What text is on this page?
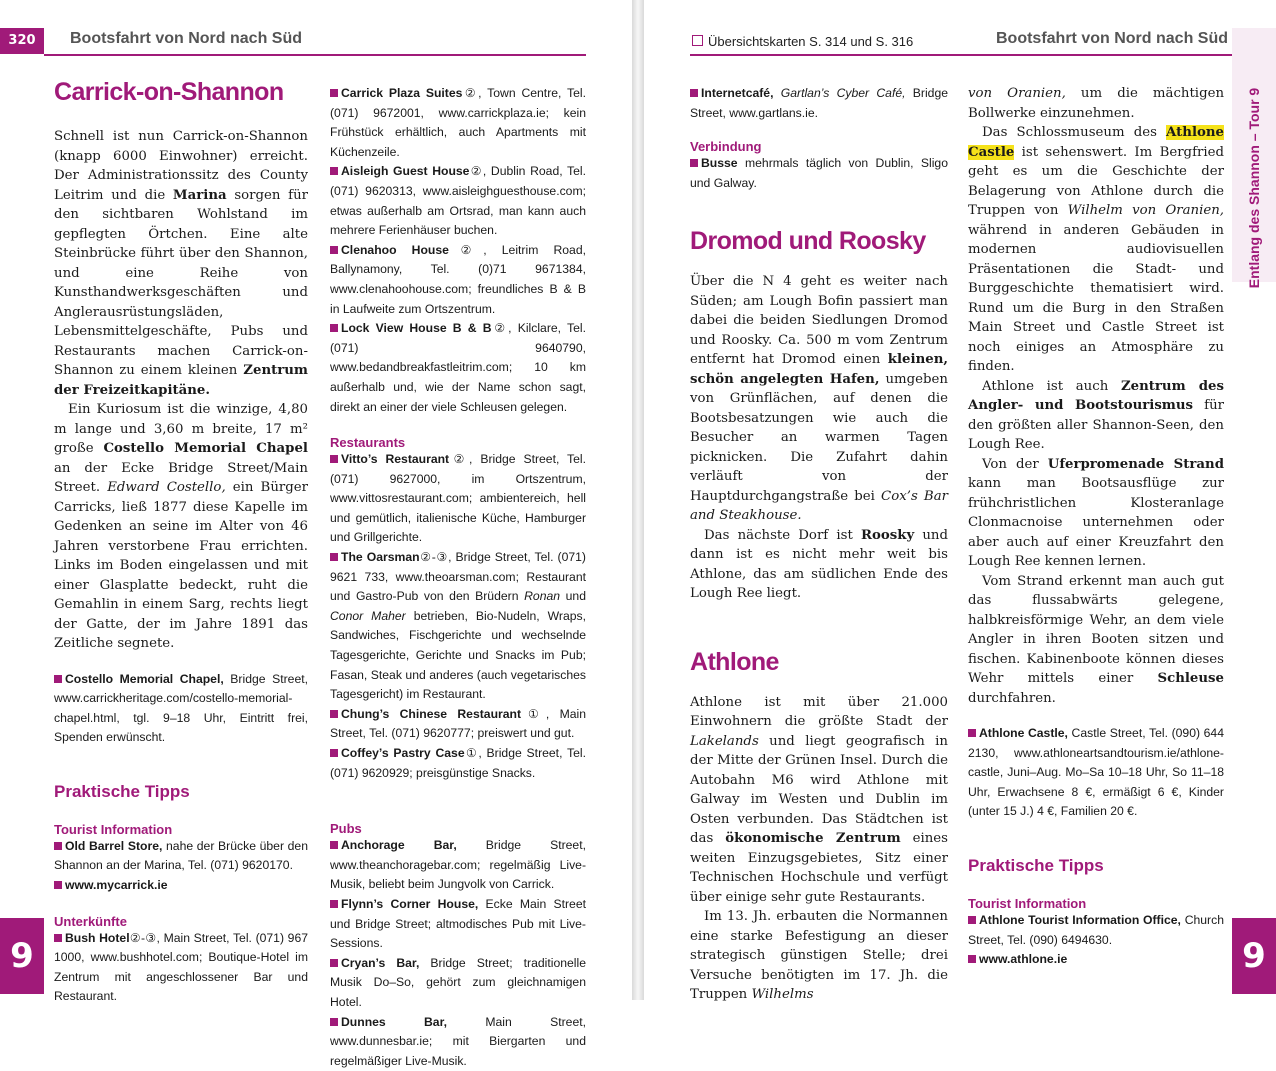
320	Bootsfahrt von Nord nach Süd
9
Carrick-on-Shannon

Schnell ist nun Carrick-on-Shannon (knapp 6000 Einwohner) erreicht. Der Administrationssitz des County Leitrim und die Marina sorgen für den sichtbaren Wohlstand im gepflegten Örtchen. Eine alte Steinbrücke führt über den Shannon, und eine Reihe von Kunsthandwerksgeschäften und Anglerausrüstungsläden, Lebensmittelgeschäfte, Pubs und Restaurants machen Carrick-on-Shannon zu einem kleinen Zentrum der Freizeitkapitäne.

Ein Kuriosum ist die winzige, 4,80 m lange und 3,60 m breite, 17 m² große Costello Memorial Chapel an der Ecke Bridge Street/Main Street. Edward Costello, ein Bürger Carricks, ließ 1877 diese Kapelle im Gedenken an seine im Alter von 46 Jahren verstorbene Frau errichten. Links im Boden eingelassen und mit einer Glasplatte bedeckt, ruht die Gemahlin in einem Sarg, rechts liegt der Gatte, der im Jahre 1891 das Zeitliche segnete.

Costello Memorial Chapel, Bridge Street, www.carrickheritage.com/costello-memorial-chapel.html, tgl. 9–18 Uhr, Eintritt frei, Spenden erwünscht.
Praktische Tipps
Tourist Information
Old Barrel Store, nahe der Brücke über den Shannon an der Marina, Tel. (071) 9620170.
www.mycarrick.ie
Unterkünfte
Bush Hotel②-③, Main Street, Tel. (071) 967 1000, www.bushhotel.com; Boutique-Hotel im Zentrum mit angeschlossener Bar und Restaurant.
Carrick Plaza Suites②, Town Centre, Tel. (071) 9672001, www.carrickplaza.ie; kein Frühstück erhältlich, auch Apartments mit Küchenzeile.
Aisleigh Guest House②, Dublin Road, Tel. (071) 9620313, www.aisleighguesthouse.com; etwas außerhalb am Ortsrad, man kann auch mehrere Ferienhäuser buchen.
Clenahoo House②, Leitrim Road, Ballynamony, Tel. (0)71 9671384, www.clenahoohouse.com; freundliches B & B in Laufweite zum Ortszentrum.
Lock View House B & B②, Kilclare, Tel. (071) 9640790, www.bedandbreakfastleitrim.com; 10 km außerhalb und, wie der Name schon sagt, direkt an einer der viele Schleusen gelegen.
Restaurants
Vitto’s Restaurant②, Bridge Street, Tel. (071) 9627000, im Ortszentrum, www.vittosrestaurant.com; ambientereich, hell und gemütlich, italienische Küche, Hamburger und Grillgerichte.
The Oarsman②-③, Bridge Street, Tel. (071) 9621 733, www.theoarsman.com; Restaurant und Gastro-Pub von den Brüdern Ronan und Conor Maher betrieben, Bio-Nudeln, Wraps, Sandwiches, Fischgerichte und wechselnde Tagesgerichte, Gerichte und Snacks im Pub; Fasan, Steak und anderes (auch vegetarisches Tagesgericht) im Restaurant.
Chung’s Chinese Restaurant①, Main Street, Tel. (071) 9620777; preiswert und gut.
Coffey’s Pastry Case①, Bridge Street, Tel. (071) 9620929; preisgünstige Snacks.
Pubs
Anchorage Bar, Bridge Street, www.theanchoragebar.com; regelmäßig Live-Musik, beliebt beim Jungvolk von Carrick.
Flynn’s Corner House, Ecke Main Street und Bridge Street; altmodisches Pub mit Live-Sessions.
Cryan’s Bar, Bridge Street; traditionelle Musik Do–So, gehört zum gleichnamigen Hotel.
Dunnes Bar, Main Street, www.dunnesbar.ie; mit Biergarten und regelmäßiger Live-Musik.
Übersichtskarten S. 314 und S. 316	Bootsfahrt von Nord nach Süd
Entlang des Shannon – Tour 9
9
Internetcafé, Gartlan’s Cyber Café, Bridge Street, www.gartlans.ie.
Verbindung
Busse mehrmals täglich von Dublin, Sligo und Galway.
Dromod und Roosky

Über die N 4 geht es weiter nach Süden; am Lough Bofin passiert man dabei die beiden Siedlungen Dromod und Roosky. Ca. 500 m vom Zentrum entfernt hat Dromod einen kleinen, schön angelegten Hafen, umgeben von Grünflächen, auf denen die Bootsbesatzungen wie auch die Besucher an warmen Tagen picknicken. Die Zufahrt dahin verläuft von der Hauptdurchgangstraße bei Cox’s Bar and Steakhouse.

Das nächste Dorf ist Roosky und dann ist es nicht mehr weit bis Athlone, das am südlichen Ende des Lough Ree liegt.

Athlone

Athlone ist mit über 21.000 Einwohnern die größte Stadt der Lakelands und liegt geografisch in der Mitte der Grünen Insel. Durch die Autobahn M6 wird Athlone mit Galway im Westen und Dublin im Osten verbunden. Das Städtchen ist das ökonomische Zentrum eines weiten Einzugsgebietes, Sitz einer Technischen Hochschule und verfügt über einige sehr gute Restaurants.

Im 13. Jh. erbauten die Normannen eine starke Befestigung an dieser strategisch günstigen Stelle; drei Versuche benötigten im 17. Jh. die Truppen Wilhelms

von Oranien, um die mächtigen Bollwerke einzunehmen.

Das Schlossmuseum des Athlone Castle ist sehenswert. Im Bergfried geht es um die Geschichte der Belagerung von Athlone durch die Truppen von Wilhelm von Oranien, während in anderen Gebäuden in modernen audiovisuellen Präsentationen die Stadt- und Burggeschichte thematisiert wird. Rund um die Burg in den Straßen Main Street und Castle Street ist noch einiges an Atmosphäre zu finden.

Athlone ist auch Zentrum des Angler- und Bootstourismus für den größten aller Shannon-Seen, den Lough Ree.

Von der Uferpromenade Strand kann man Bootsausflüge zur frühchristlichen Klosteranlage Clonmacnoise unternehmen oder aber auch auf einer Kreuzfahrt den Lough Ree kennen lernen.

Vom Strand erkennt man auch gut das flussabwärts gelegene, halbkreisförmige Wehr, an dem viele Angler in ihren Booten sitzen und fischen. Kabinenboote können dieses Wehr mittels einer Schleuse durchfahren.

Athlone Castle, Castle Street, Tel. (090) 644 2130, www.athloneartsandtourism.ie/athlone-castle, Juni–Aug. Mo–Sa 10–18 Uhr, So 11–18 Uhr, Erwachsene 8 €, ermäßigt 6 €, Kinder (unter 15 J.) 4 €, Familien 20 €.
Praktische Tipps
Tourist Information
Athlone Tourist Information Office, Church Street, Tel. (090) 6494630.
www.athlone.ie
